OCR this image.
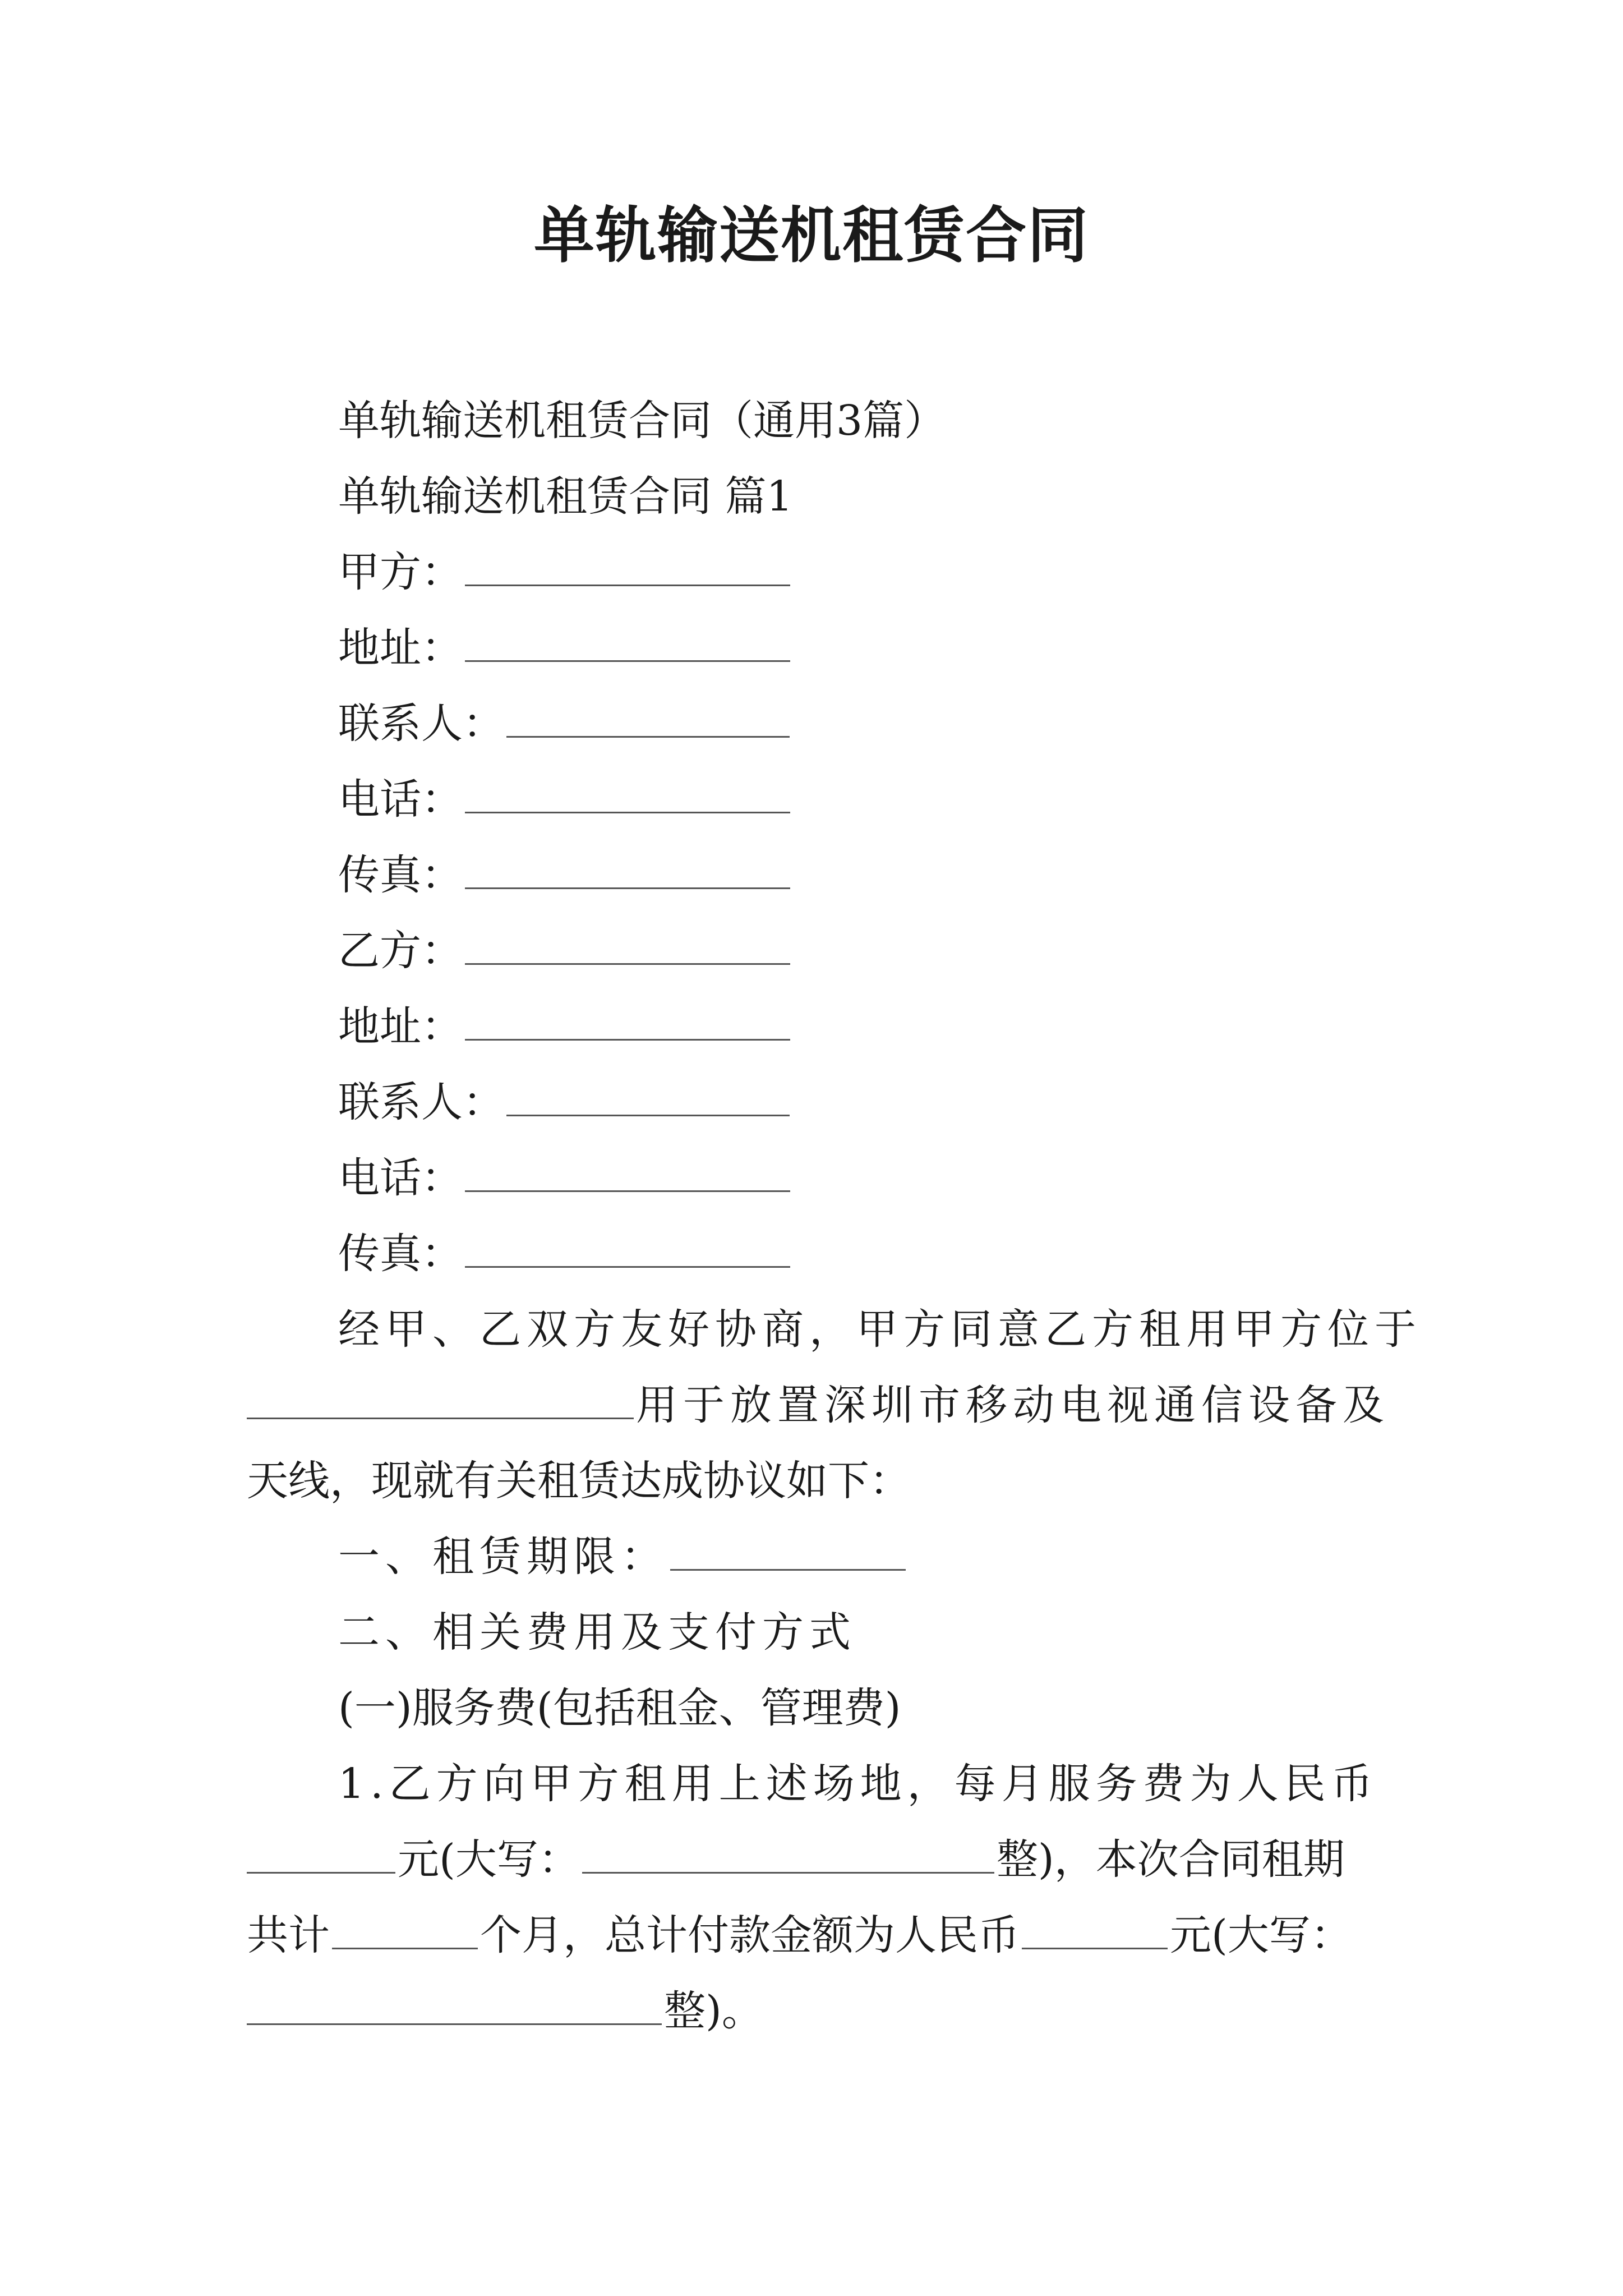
单轨输送机租赁合同
单轨输送机租赁合同（通用3篇）
单轨输送机租赁合同 篇1
甲方：
地址：
联系人：
电话：
传真：
乙方：
地址：
联系人：
电话：
传真：
经甲、乙双方友好协商，甲方同意乙方租用甲方位于
用于放置深圳市移动电视通信设备及
天线，现就有关租赁达成协议如下：
一、租赁期限：
二、相关费用及支付方式
(一)服务费(包括租金、管理费)
1.乙方向甲方租用上述场地，每月服务费为人民币
元(大写：	整)，本次合同租期
共计	个月，总计付款金额为人民币	元(大写：
整)。
